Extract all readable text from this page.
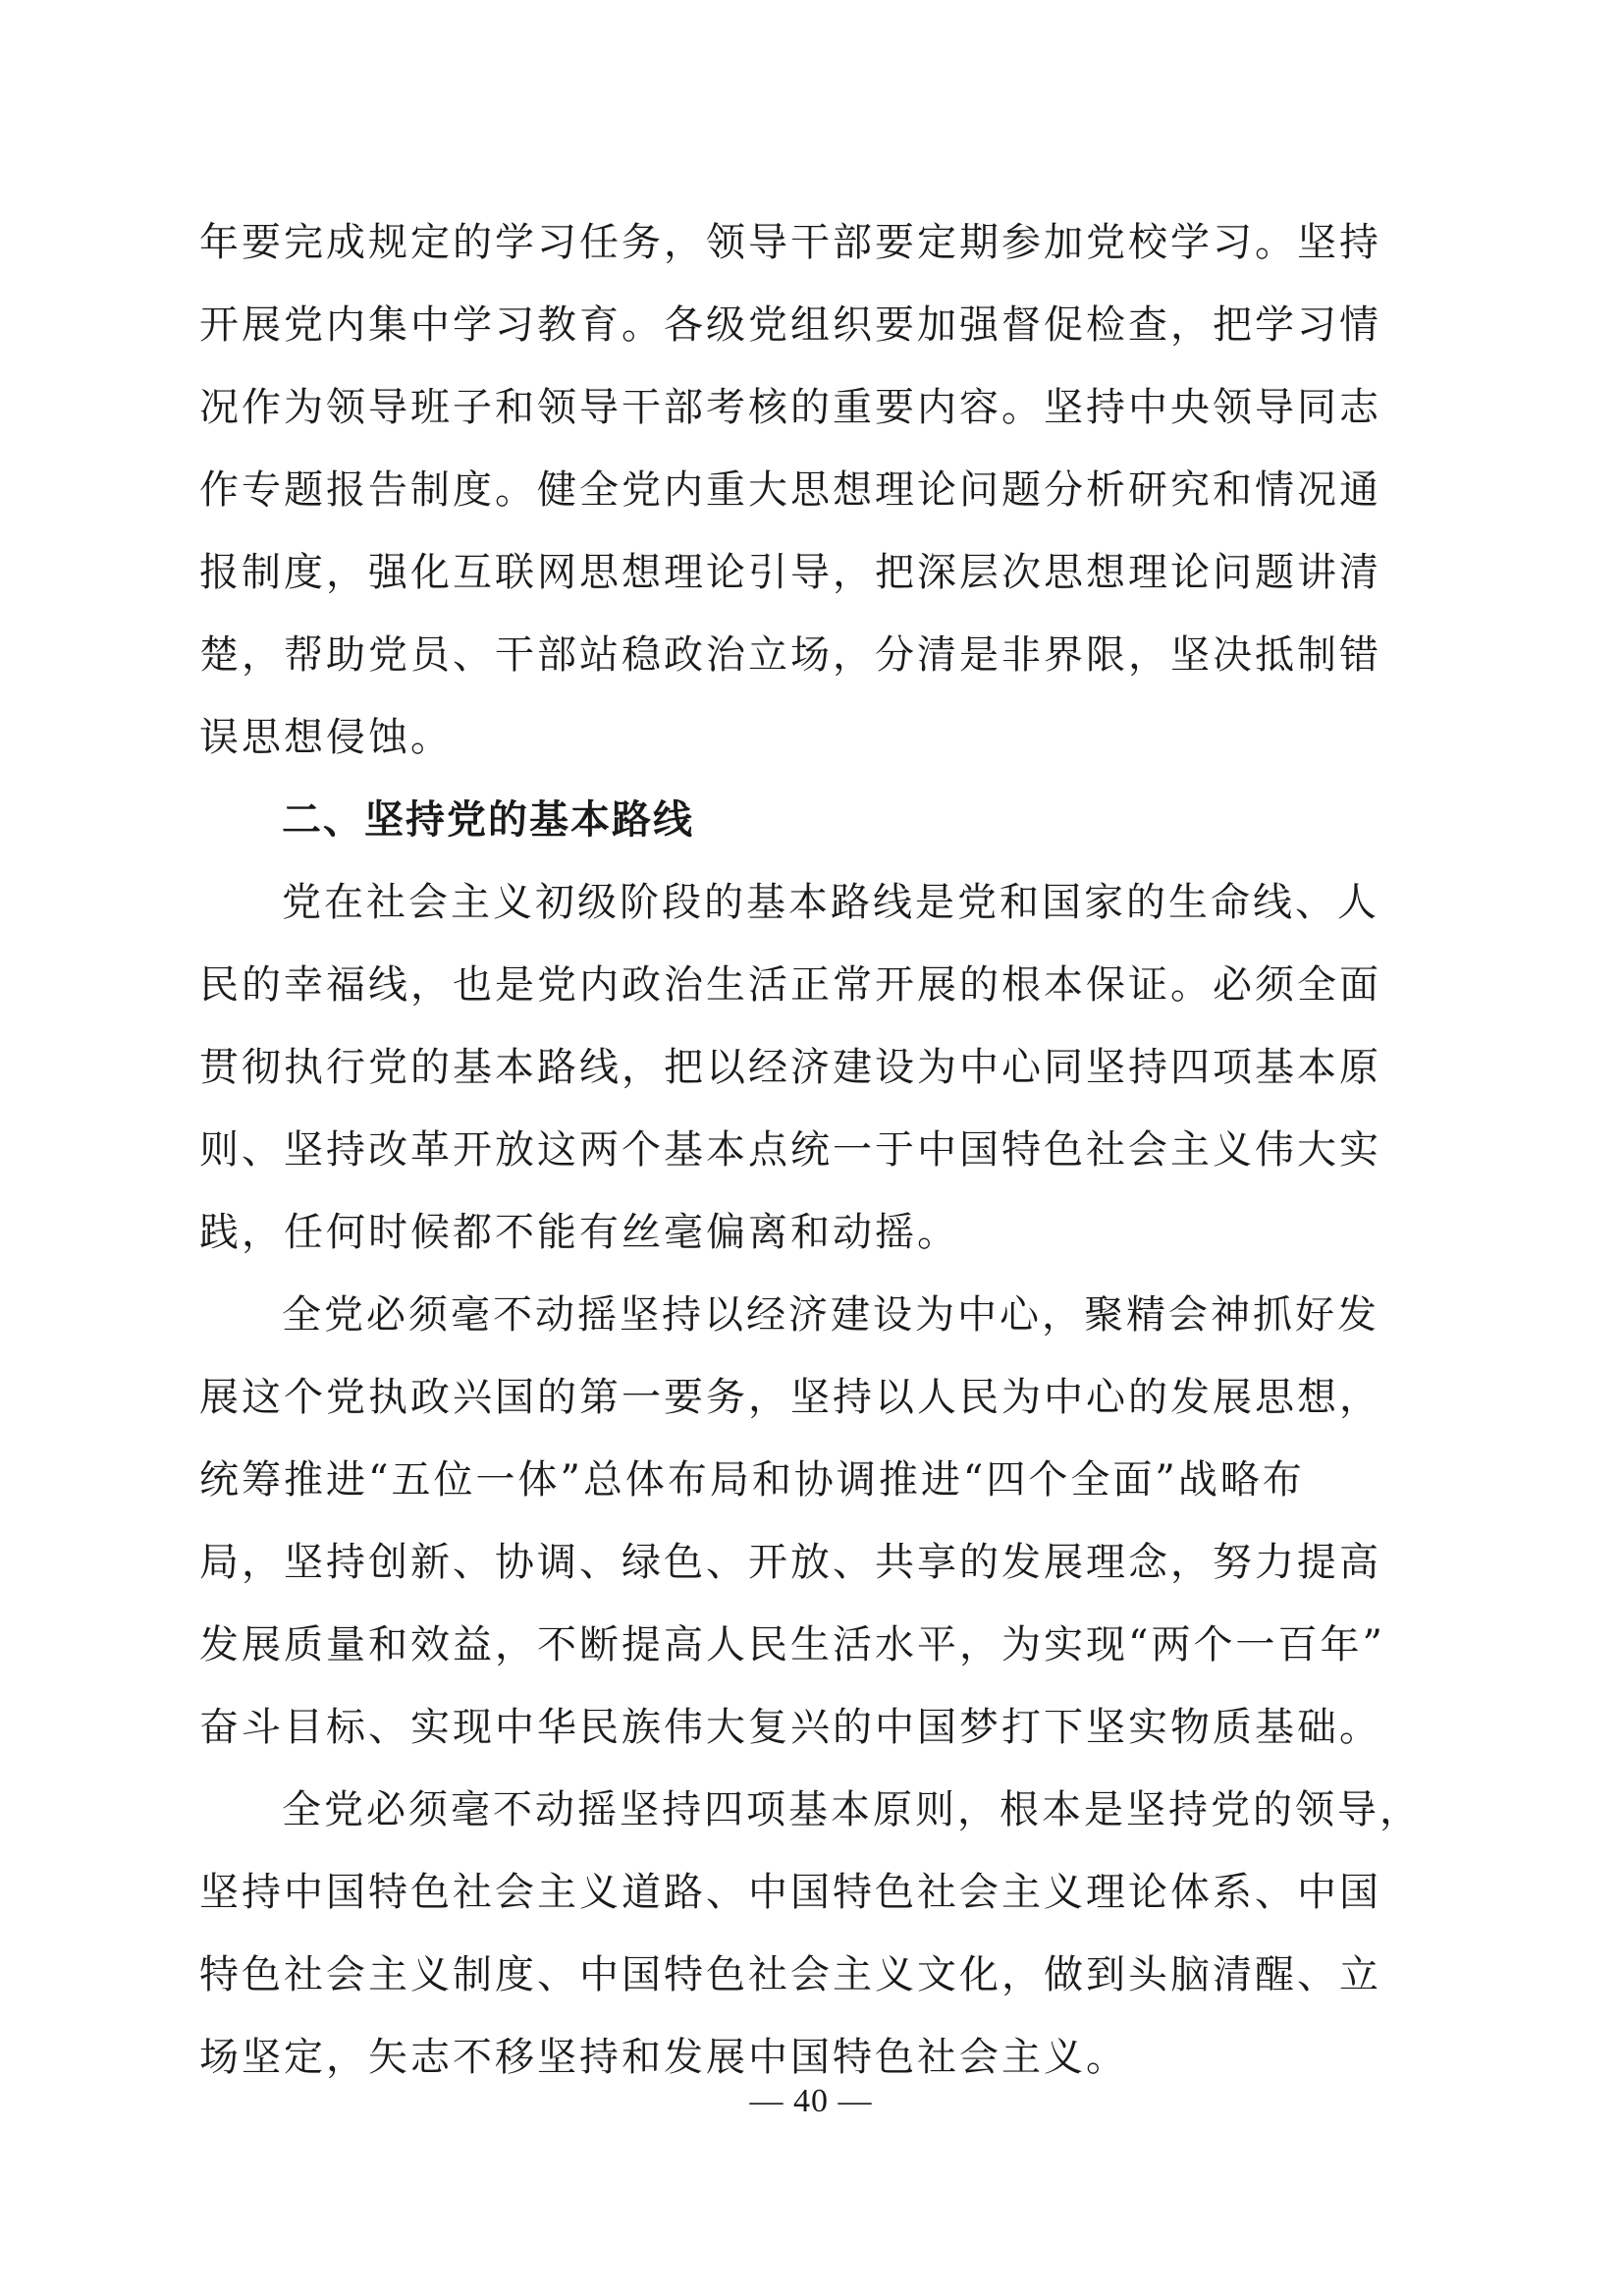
年要完成规定的学习任务，领导干部要定期参加党校学习。坚持
开展党内集中学习教育。各级党组织要加强督促检查，把学习情
况作为领导班子和领导干部考核的重要内容。坚持中央领导同志
作专题报告制度。健全党内重大思想理论问题分析研究和情况通
报制度，强化互联网思想理论引导，把深层次思想理论问题讲清
楚，帮助党员、干部站稳政治立场，分清是非界限，坚决抵制错
误思想侵蚀。
二、坚持党的基本路线
党在社会主义初级阶段的基本路线是党和国家的生命线、人
民的幸福线，也是党内政治生活正常开展的根本保证。必须全面
贯彻执行党的基本路线，把以经济建设为中心同坚持四项基本原
则、坚持改革开放这两个基本点统一于中国特色社会主义伟大实
践，任何时候都不能有丝毫偏离和动摇。
全党必须毫不动摇坚持以经济建设为中心，聚精会神抓好发
展这个党执政兴国的第一要务，坚持以人民为中心的发展思想，
统筹推进“五位一体”总体布局和协调推进“四个全面”战略布
局，坚持创新、协调、绿色、开放、共享的发展理念，努力提高
发展质量和效益，不断提高人民生活水平，为实现“两个一百年”
奋斗目标、实现中华民族伟大复兴的中国梦打下坚实物质基础。
全党必须毫不动摇坚持四项基本原则，根本是坚持党的领导，
坚持中国特色社会主义道路、中国特色社会主义理论体系、中国
特色社会主义制度、中国特色社会主义文化，做到头脑清醒、立
场坚定，矢志不移坚持和发展中国特色社会主义。
— 40 —
